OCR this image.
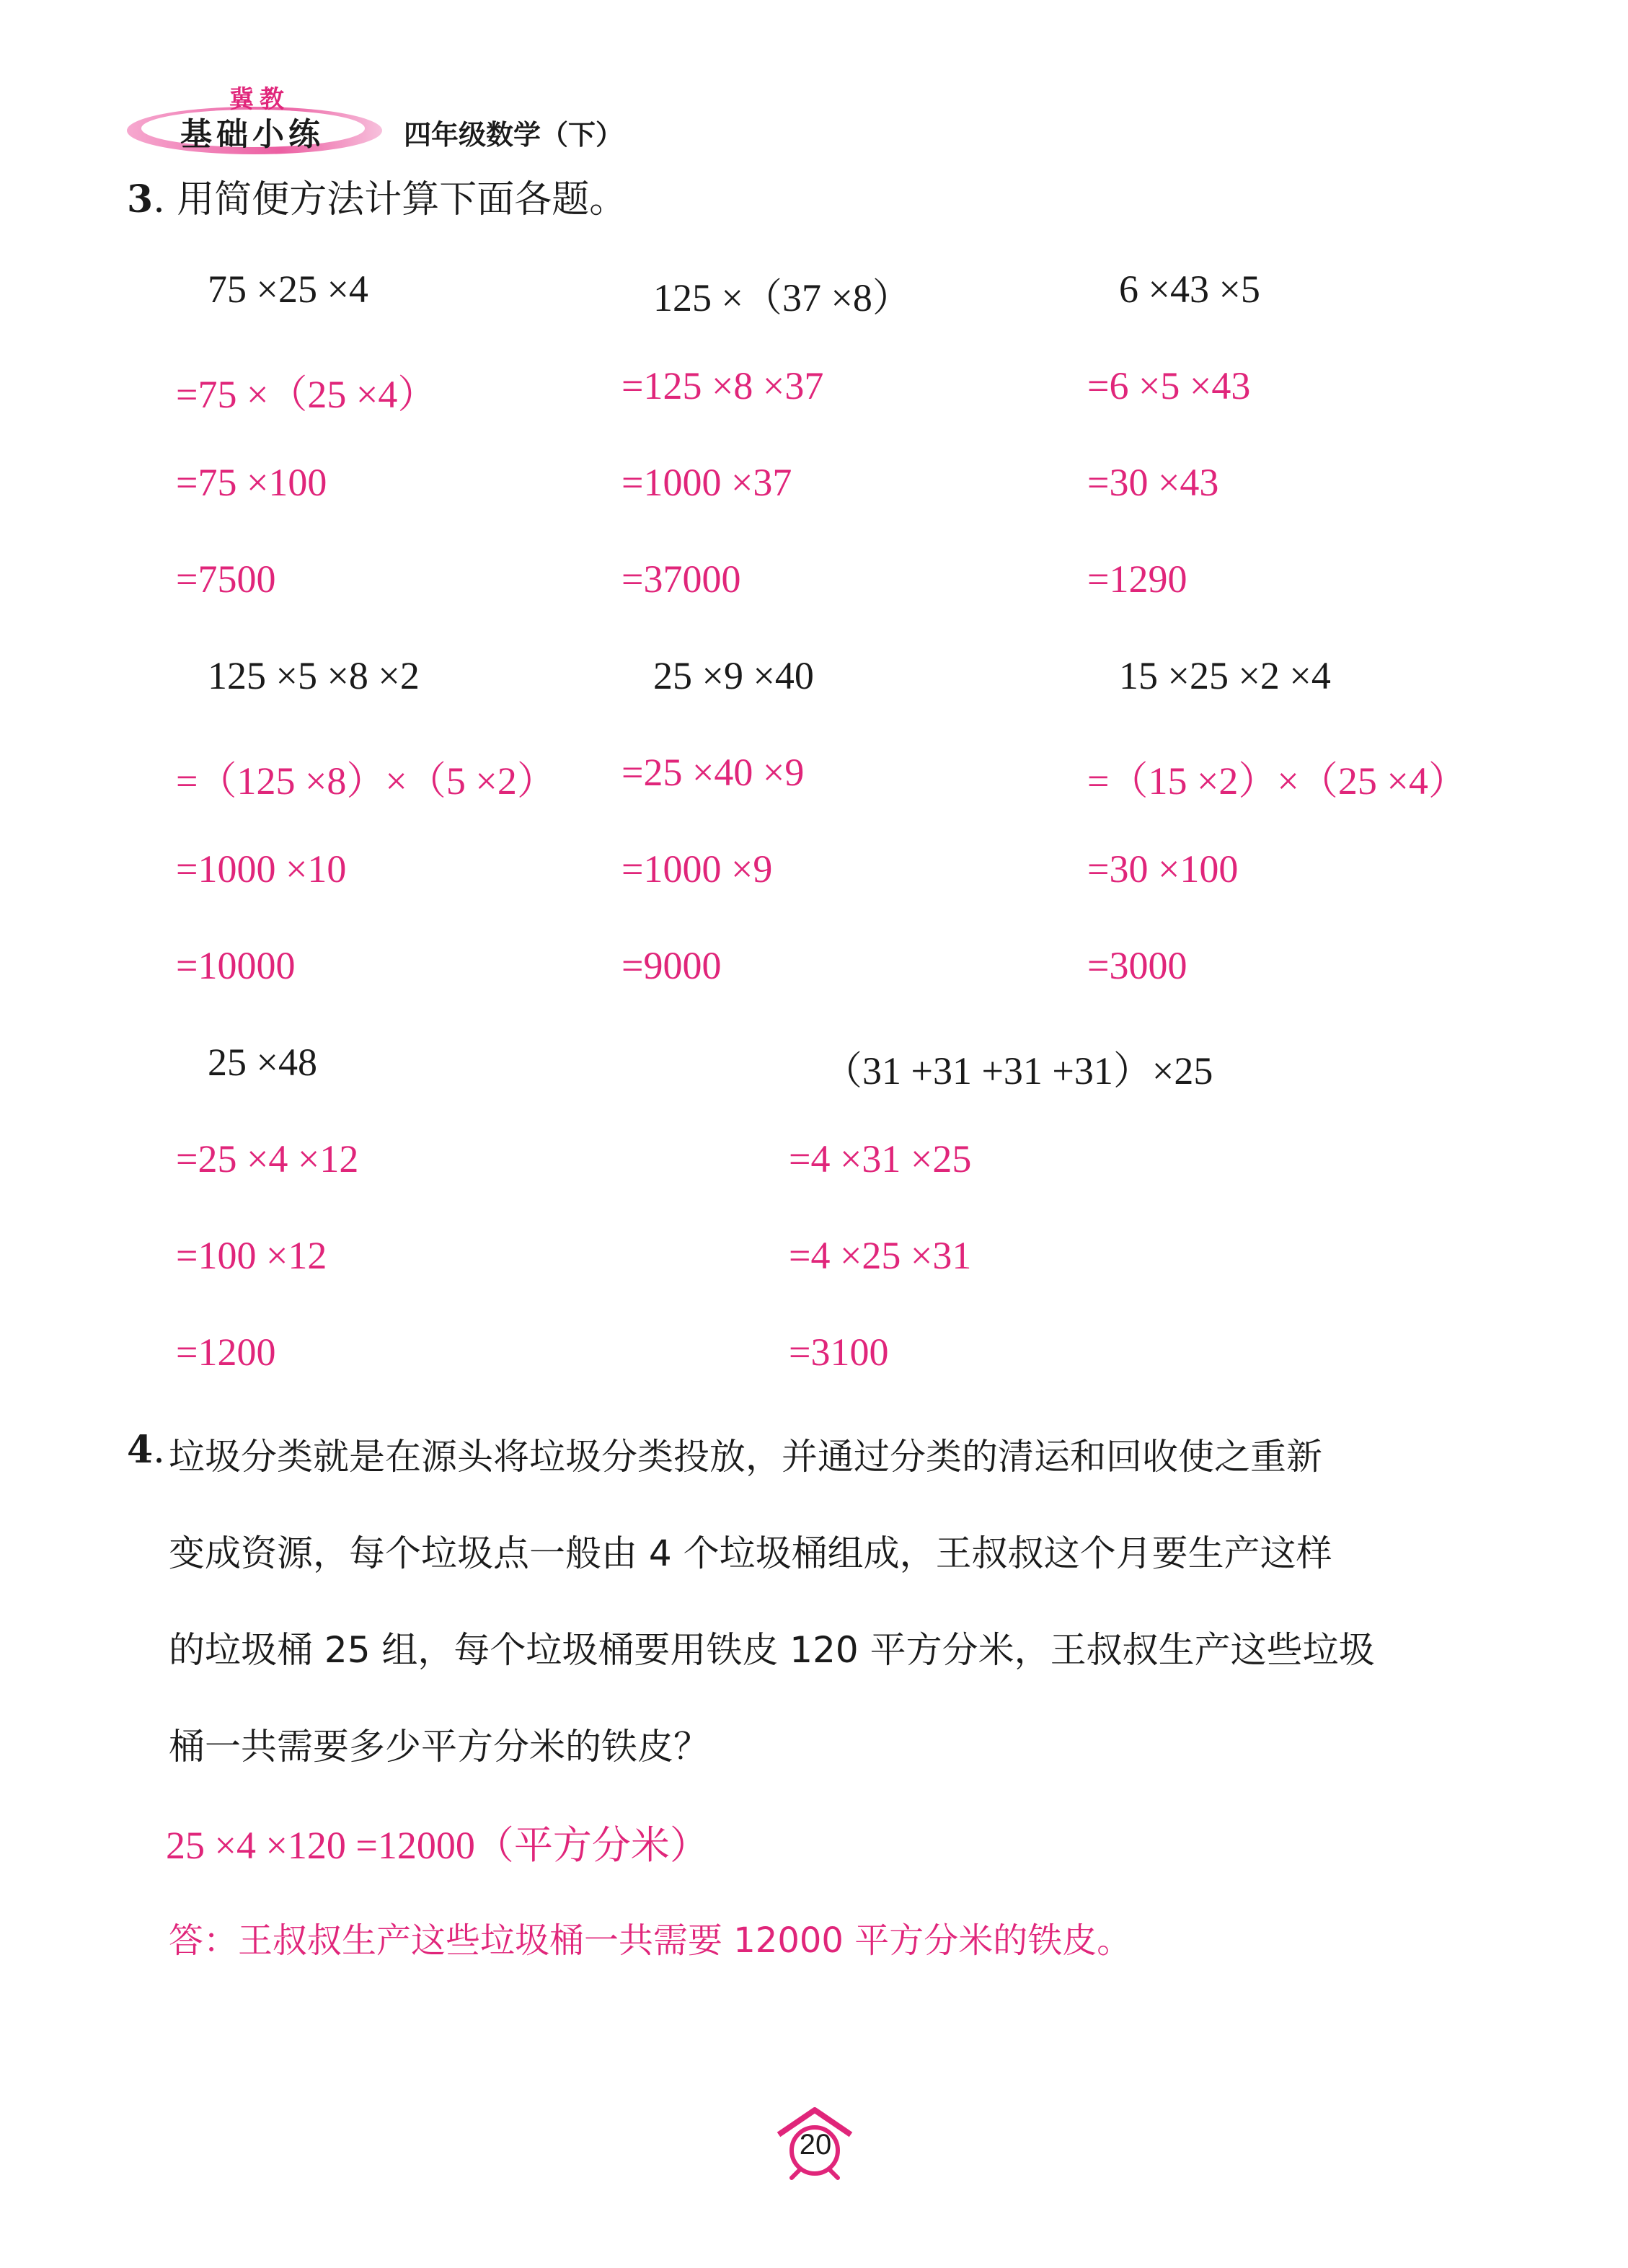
冀教
基础小练	四年级数学（下）
3. 用简便方法计算下面各题。
75 ×25 ×4
=75 ×（25 ×4）
=75 ×100
=7500
125 ×（37 ×8）
=125 ×8 ×37
=1000 ×37
=37000
6 ×43 ×5
=6 ×5 ×43
=30 ×43
=1290
125 ×5 ×8 ×2
=（125 ×8）×（5 ×2）
=1000 ×10
=10000
25 ×9 ×40
=25 ×40 ×9
=1000 ×9
=9000
15 ×25 ×2 ×4
=（15 ×2）×（25 ×4）
=30 ×100
=3000
25 ×48
=25 ×4 ×12
=100 ×12
=1200
（31 +31 +31 +31）×25
=4 ×31 ×25
=4 ×25 ×31
=3100
4. 垃圾分类就是在源头将垃圾分类投放，并通过分类的清运和回收使之重新
变成资源，每个垃圾点一般由 4 个垃圾桶组成，王叔叔这个月要生产这样
的垃圾桶 25 组，每个垃圾桶要用铁皮 120 平方分米，王叔叔生产这些垃圾
桶一共需要多少平方分米的铁皮？
25 ×4 ×120 =12000（平方分米）
答：王叔叔生产这些垃圾桶一共需要 12000 平方分米的铁皮。
20
